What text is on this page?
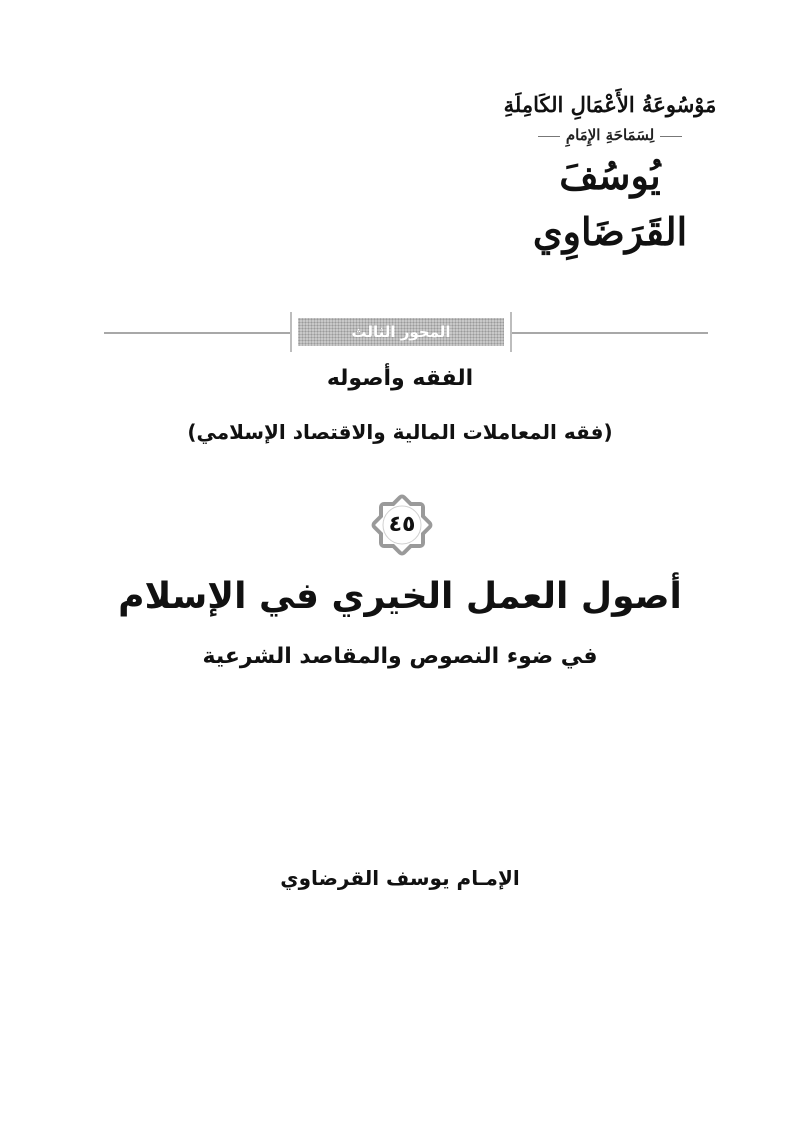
مَوْسُوعَةُ الأَعْمَالِ الكَامِلَةِ
لِسَمَاحَةِ الإِمَامِ
يُوسُفَ القَرَضَاوِي
المحور الثالث
الفقه وأصوله
(فقه المعاملات المالية والاقتصاد الإسلامي)
٤٥
أصول العمل الخيري في الإسلام
في ضوء النصوص والمقاصد الشرعية
الإمـام يوسف القرضاوي
